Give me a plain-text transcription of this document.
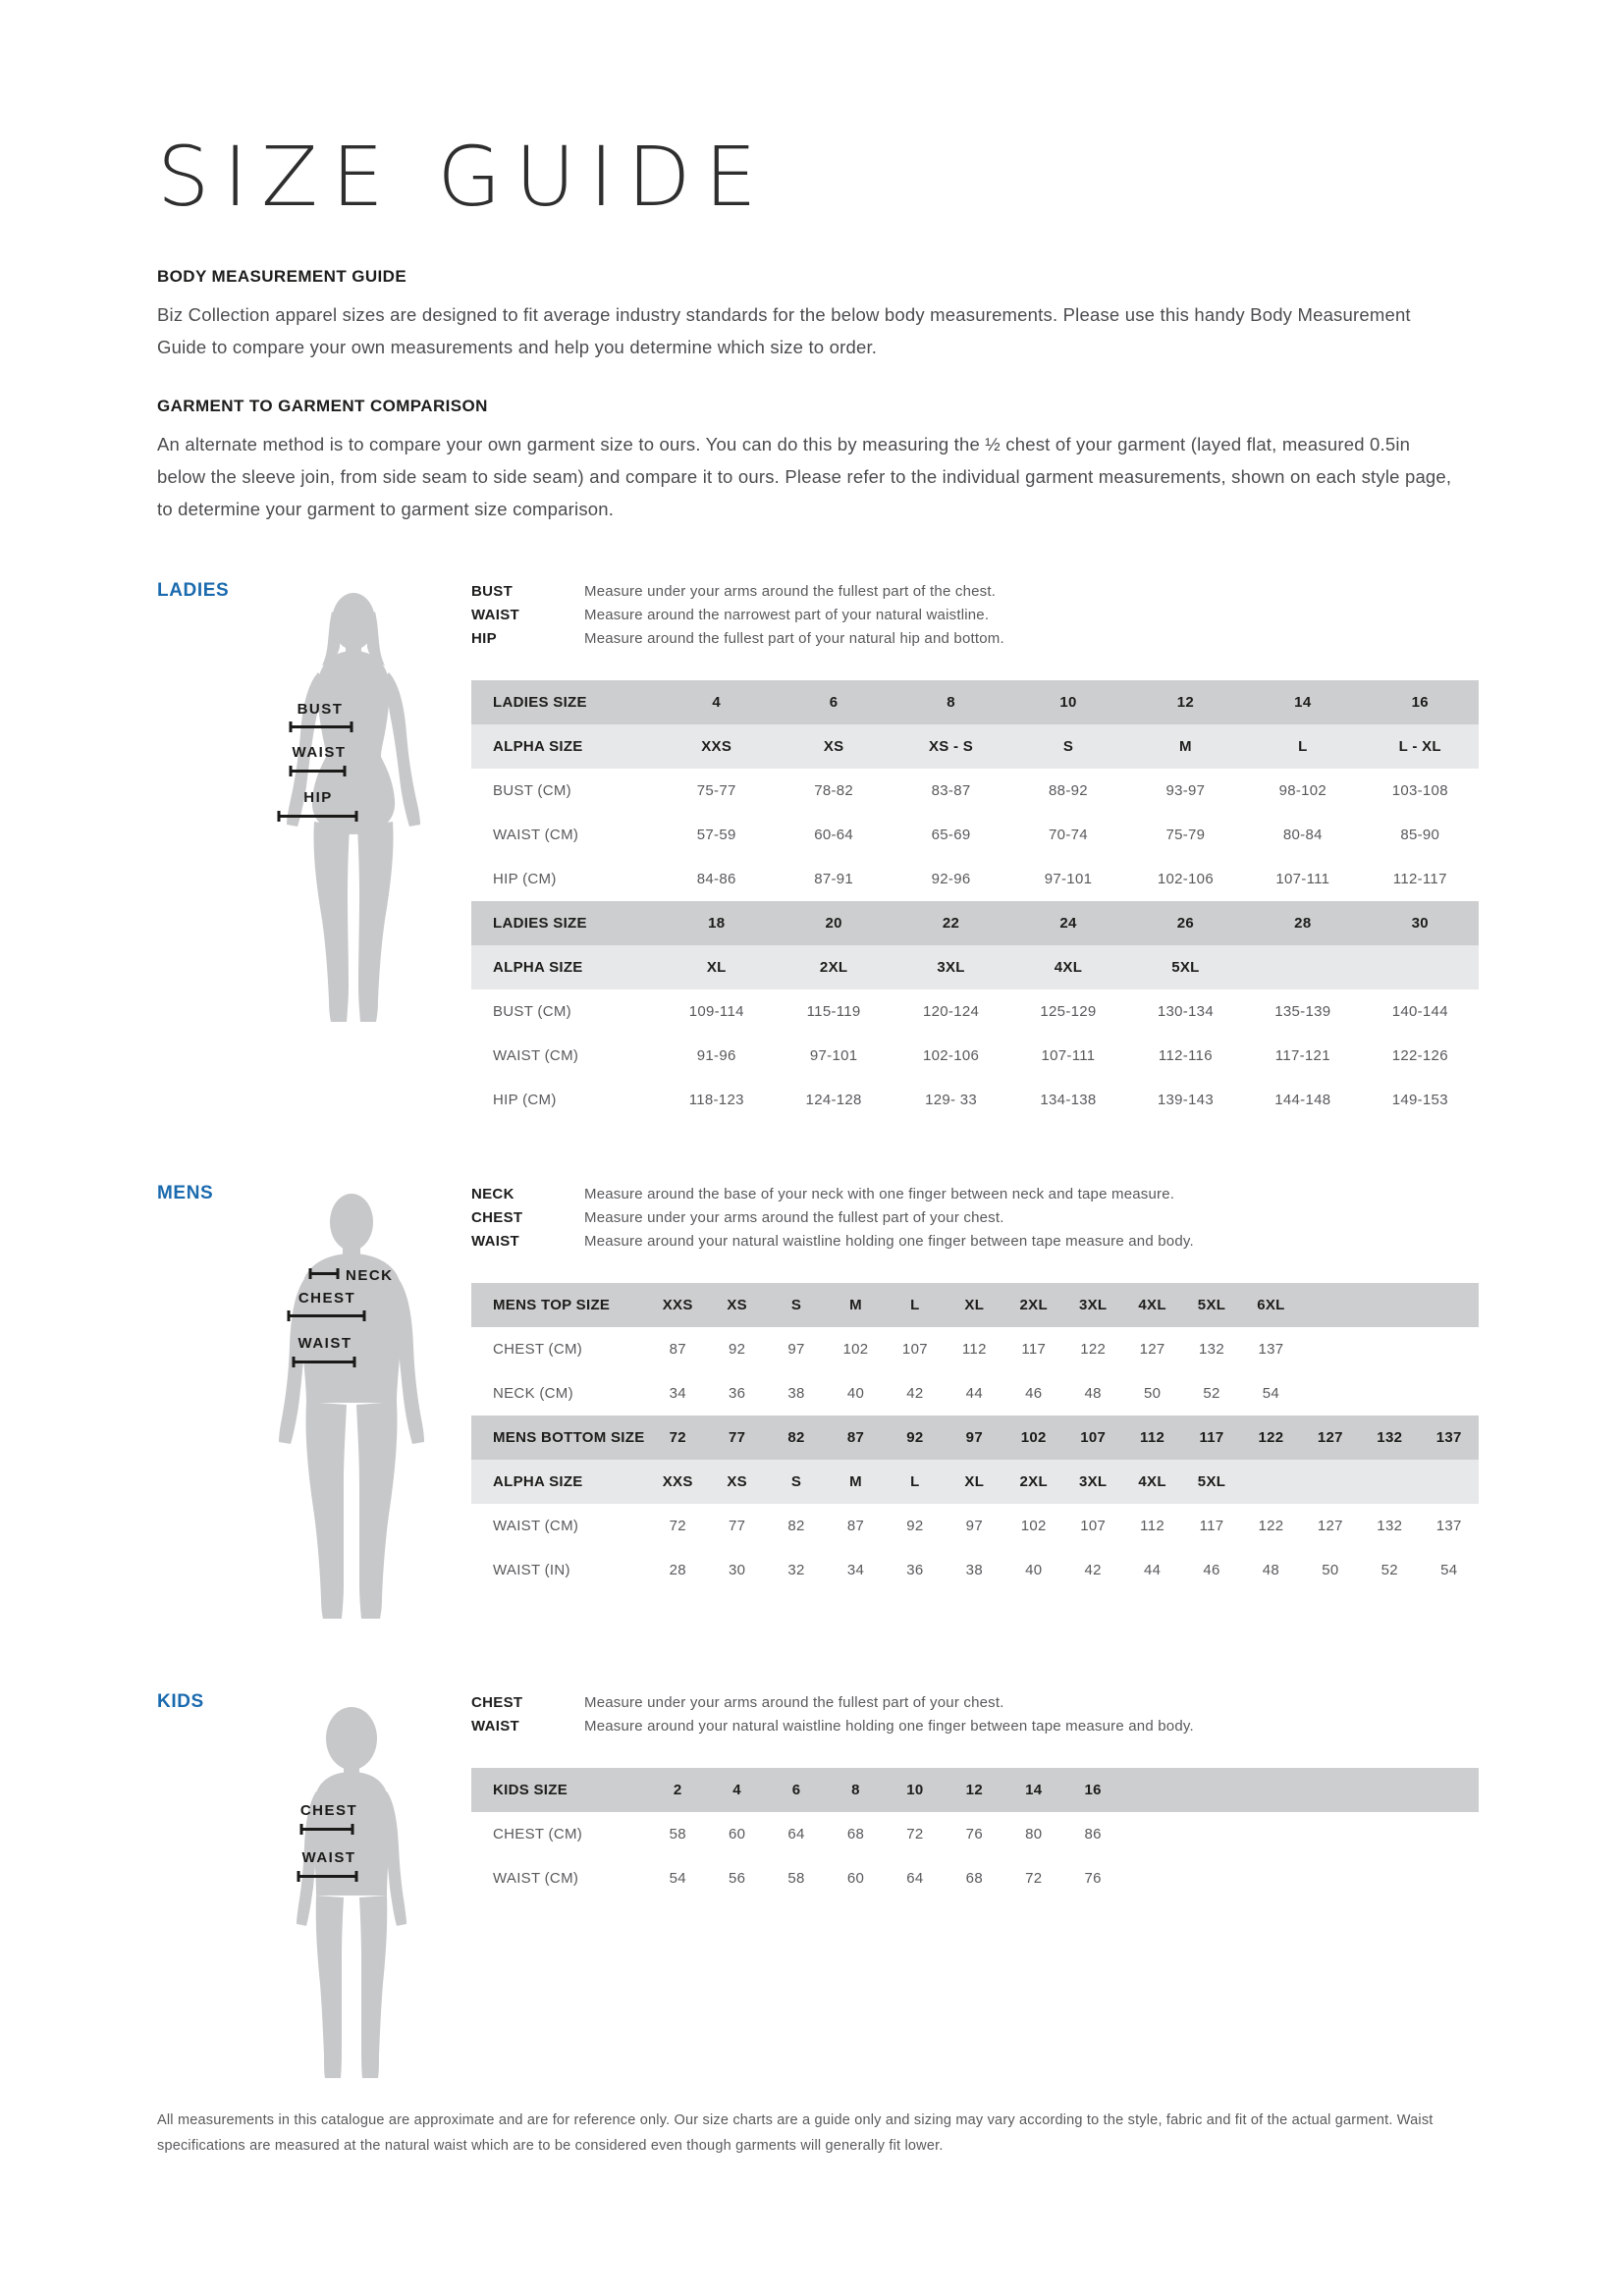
SIZE GUIDE
BODY MEASUREMENT GUIDE

Biz Collection apparel sizes are designed to fit average industry standards for the below body measurements. Please use this handy Body Measurement Guide to compare your own measurements and help you determine which size to order.

GARMENT TO GARMENT COMPARISON

An alternate method is to compare your own garment size to ours. You can do this by measuring the ½ chest of your garment (layed flat, measured 0.5in below the sleeve join, from side seam to side seam) and compare it to ours. Please refer to the individual garment measurements, shown on each style page, to determine your garment to garment size comparison.

LADIES
BUST
WAIST
HIP
BUST	Measure under your arms around the fullest part of the chest.
WAIST	Measure around the narrowest part of your natural waistline.
HIP	Measure around the fullest part of your natural hip and bottom.
LADIES SIZE	4	6	8	10	12	14	16
ALPHA SIZE	XXS	XS	XS - S	S	M	L	L - XL
BUST (CM)	75-77	78-82	83-87	88-92	93-97	98-102	103-108
WAIST (CM)	57-59	60-64	65-69	70-74	75-79	80-84	85-90
HIP (CM)	84-86	87-91	92-96	97-101	102-106	107-111	112-117
LADIES SIZE	18	20	22	24	26	28	30
ALPHA SIZE	XL	2XL	3XL	4XL	5XL		
BUST (CM)	109-114	115-119	120-124	125-129	130-134	135-139	140-144
WAIST (CM)	91-96	97-101	102-106	107-111	112-116	117-121	122-126
HIP (CM)	118-123	124-128	129- 33	134-138	139-143	144-148	149-153
MENS
NECK
CHEST
WAIST
NECK	Measure around the base of your neck with one finger between neck and tape measure.
CHEST	Measure under your arms around the fullest part of your chest.
WAIST	Measure around your natural waistline holding one finger between tape measure and body.
MENS TOP SIZE	XXS	XS	S	M	L	XL	2XL	3XL	4XL	5XL	6XL			
CHEST (CM)	87	92	97	102	107	112	117	122	127	132	137			
NECK (CM)	34	36	38	40	42	44	46	48	50	52	54			
MENS BOTTOM SIZE	72	77	82	87	92	97	102	107	112	117	122	127	132	137
ALPHA SIZE	XXS	XS	S	M	L	XL	2XL	3XL	4XL	5XL				
WAIST (CM)	72	77	82	87	92	97	102	107	112	117	122	127	132	137
WAIST (IN)	28	30	32	34	36	38	40	42	44	46	48	50	52	54
KIDS
CHEST
WAIST
CHEST	Measure under your arms around the fullest part of your chest.
WAIST	Measure around your natural waistline holding one finger between tape measure and body.
KIDS SIZE	2	4	6	8	10	12	14	16						
CHEST (CM)	58	60	64	68	72	76	80	86						
WAIST (CM)	54	56	58	60	64	68	72	76						

All measurements in this catalogue are approximate and are for reference only. Our size charts are a guide only and sizing may vary according to the style, fabric and fit of the actual garment. Waist specifications are measured at the natural waist which are to be considered even though garments will generally fit lower.
